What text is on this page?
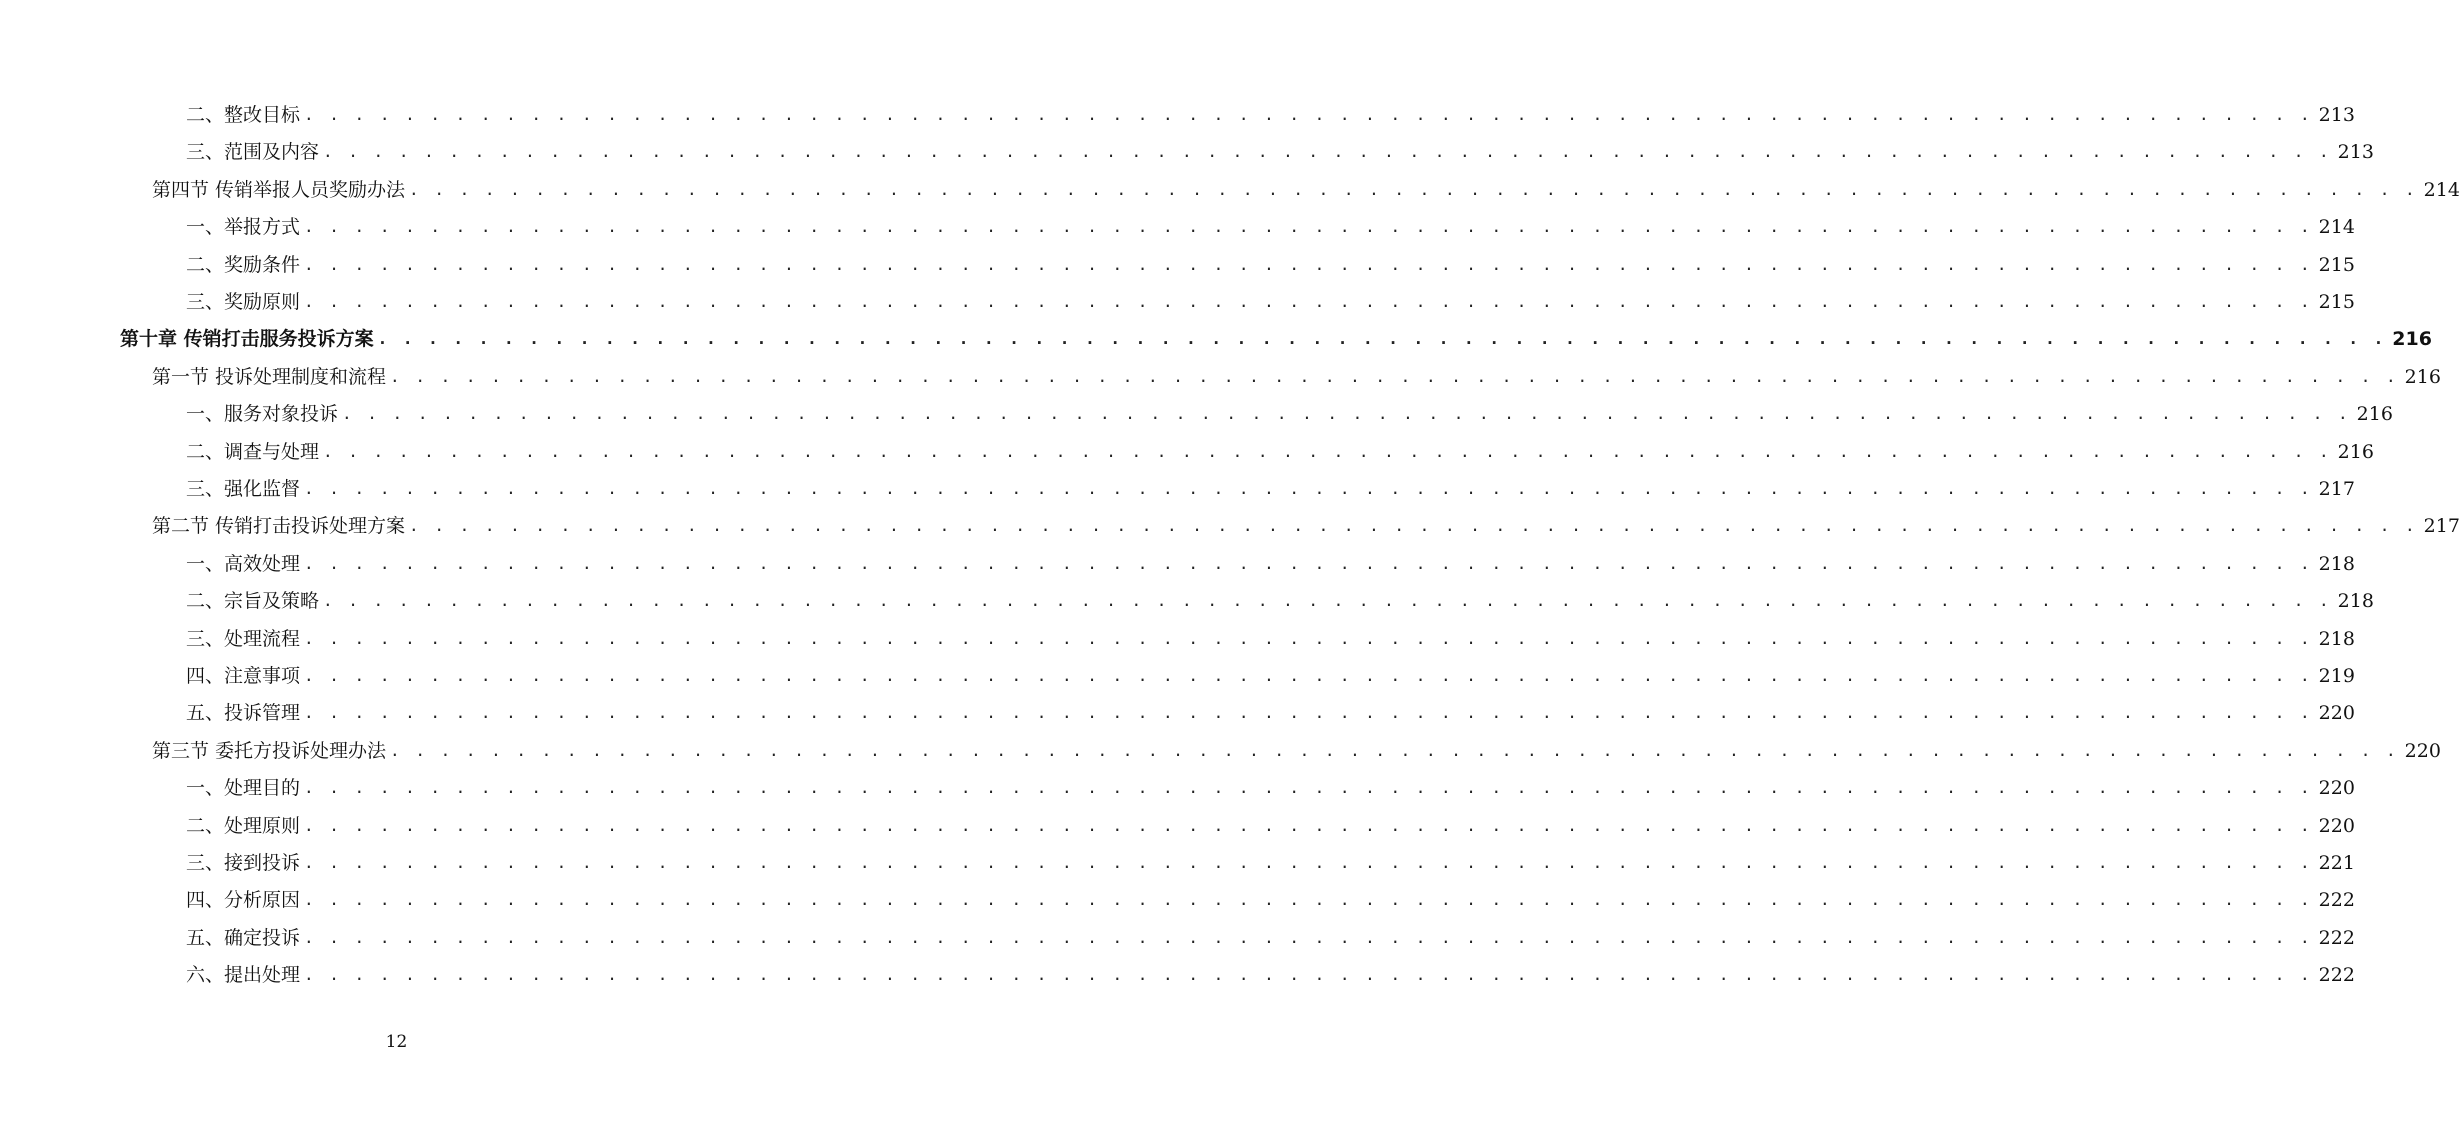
二、整改目标 . . . . . . . . . . . . . . . . . . . . . . . . . . . . . . . . . . . . . . . . . . . . . . . . . . . . . . . . . . . . . . . . . . . . . . . . . . . . . . . . 213
三、范围及内容 . . . . . . . . . . . . . . . . . . . . . . . . . . . . . . . . . . . . . . . . . . . . . . . . . . . . . . . . . . . . . . . . . . . . . . . . . . . . . . . . 213
第四节 传销举报人员奖励办法 . . . . . . . . . . . . . . . . . . . . . . . . . . . . . . . . . . . . . . . . . . . . . . . . . . . . . . . . . . . . . . . . . . . . . . . . . . . . . . . . 214
一、举报方式 . . . . . . . . . . . . . . . . . . . . . . . . . . . . . . . . . . . . . . . . . . . . . . . . . . . . . . . . . . . . . . . . . . . . . . . . . . . . . . . . 214
二、奖励条件 . . . . . . . . . . . . . . . . . . . . . . . . . . . . . . . . . . . . . . . . . . . . . . . . . . . . . . . . . . . . . . . . . . . . . . . . . . . . . . . . 215
三、奖励原则 . . . . . . . . . . . . . . . . . . . . . . . . . . . . . . . . . . . . . . . . . . . . . . . . . . . . . . . . . . . . . . . . . . . . . . . . . . . . . . . . 215
第十章 传销打击服务投诉方案 . . . . . . . . . . . . . . . . . . . . . . . . . . . . . . . . . . . . . . . . . . . . . . . . . . . . . . . . . . . . . . . . . . . . . . . . . . . . . . . . 216
第一节 投诉处理制度和流程 . . . . . . . . . . . . . . . . . . . . . . . . . . . . . . . . . . . . . . . . . . . . . . . . . . . . . . . . . . . . . . . . . . . . . . . . . . . . . . . . 216
一、服务对象投诉 . . . . . . . . . . . . . . . . . . . . . . . . . . . . . . . . . . . . . . . . . . . . . . . . . . . . . . . . . . . . . . . . . . . . . . . . . . . . . . . . 216
二、调查与处理 . . . . . . . . . . . . . . . . . . . . . . . . . . . . . . . . . . . . . . . . . . . . . . . . . . . . . . . . . . . . . . . . . . . . . . . . . . . . . . . . 216
三、强化监督 . . . . . . . . . . . . . . . . . . . . . . . . . . . . . . . . . . . . . . . . . . . . . . . . . . . . . . . . . . . . . . . . . . . . . . . . . . . . . . . . 217
第二节 传销打击投诉处理方案 . . . . . . . . . . . . . . . . . . . . . . . . . . . . . . . . . . . . . . . . . . . . . . . . . . . . . . . . . . . . . . . . . . . . . . . . . . . . . . . . 217
一、高效处理 . . . . . . . . . . . . . . . . . . . . . . . . . . . . . . . . . . . . . . . . . . . . . . . . . . . . . . . . . . . . . . . . . . . . . . . . . . . . . . . . 218
二、宗旨及策略 . . . . . . . . . . . . . . . . . . . . . . . . . . . . . . . . . . . . . . . . . . . . . . . . . . . . . . . . . . . . . . . . . . . . . . . . . . . . . . . . 218
三、处理流程 . . . . . . . . . . . . . . . . . . . . . . . . . . . . . . . . . . . . . . . . . . . . . . . . . . . . . . . . . . . . . . . . . . . . . . . . . . . . . . . . 218
四、注意事项 . . . . . . . . . . . . . . . . . . . . . . . . . . . . . . . . . . . . . . . . . . . . . . . . . . . . . . . . . . . . . . . . . . . . . . . . . . . . . . . . 219
五、投诉管理 . . . . . . . . . . . . . . . . . . . . . . . . . . . . . . . . . . . . . . . . . . . . . . . . . . . . . . . . . . . . . . . . . . . . . . . . . . . . . . . . 220
第三节 委托方投诉处理办法 . . . . . . . . . . . . . . . . . . . . . . . . . . . . . . . . . . . . . . . . . . . . . . . . . . . . . . . . . . . . . . . . . . . . . . . . . . . . . . . . 220
一、处理目的 . . . . . . . . . . . . . . . . . . . . . . . . . . . . . . . . . . . . . . . . . . . . . . . . . . . . . . . . . . . . . . . . . . . . . . . . . . . . . . . . 220
二、处理原则 . . . . . . . . . . . . . . . . . . . . . . . . . . . . . . . . . . . . . . . . . . . . . . . . . . . . . . . . . . . . . . . . . . . . . . . . . . . . . . . . 220
三、接到投诉 . . . . . . . . . . . . . . . . . . . . . . . . . . . . . . . . . . . . . . . . . . . . . . . . . . . . . . . . . . . . . . . . . . . . . . . . . . . . . . . . 221
四、分析原因 . . . . . . . . . . . . . . . . . . . . . . . . . . . . . . . . . . . . . . . . . . . . . . . . . . . . . . . . . . . . . . . . . . . . . . . . . . . . . . . . 222
五、确定投诉 . . . . . . . . . . . . . . . . . . . . . . . . . . . . . . . . . . . . . . . . . . . . . . . . . . . . . . . . . . . . . . . . . . . . . . . . . . . . . . . . 222
六、提出处理 . . . . . . . . . . . . . . . . . . . . . . . . . . . . . . . . . . . . . . . . . . . . . . . . . . . . . . . . . . . . . . . . . . . . . . . . . . . . . . . . 222
12
